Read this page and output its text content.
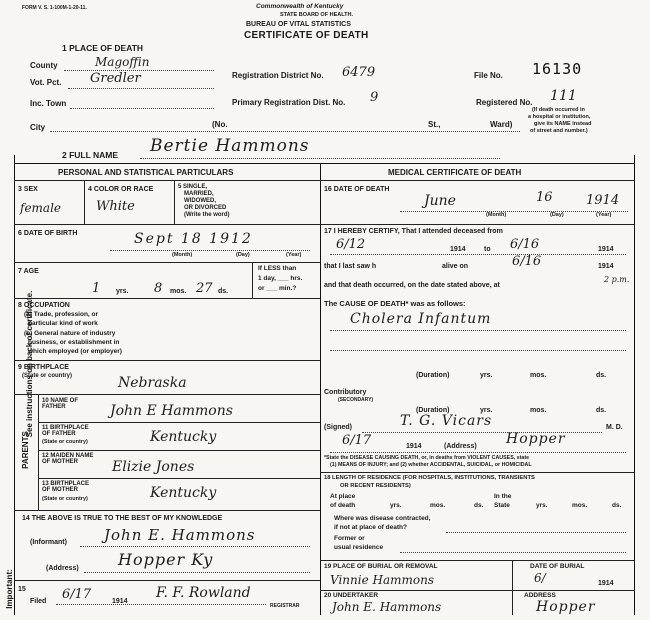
See instructions on back of certificate.
Important:
FORM V. S. 1-100M-1-20-11.	Commonwealth of Kentucky
STATE BOARD OF HEALTH.
BUREAU OF VITAL STATISTICS
CERTIFICATE OF DEATH
1 PLACE OF DEATH
County	Magoffin
Registration District No. 6479	File No. 16130
Vot. Pct. Gredler
Primary Registration Dist. No. 9	Registered No. 111
Inc. Town
City	(No.	St.,	Ward)
(If death occurred in
a hospital or institution,
give its NAME instead
of street and number.)
2 FULL NAME Bertie Hammons
PERSONAL AND STATISTICAL PARTICULARS
3 SEX
female
4 COLOR OR RACE
White
5 SINGLE,
MARRIED,
WIDOWED,
OR DIVORCED
(Write the word)
6 DATE OF BIRTH	Sept 18 1912
(Month)	(Day)	(Year)
7 AGE
1 yrs. 8 mos. 27 ds.
If LESS than
1 day, ___ hrs.
or ___ min.?
8 OCCUPATION
(a) Trade, profession, or
particular kind of work
(b) General nature of industry
business, or establishment in
which employed (or employer)
9 BIRTHPLACE
(State or country)	Nebraska
PARENTS
10 NAME OF FATHER	John E Hammons
11 BIRTHPLACE OF FATHER
(State or country)	Kentucky
12 MAIDEN NAME OF MOTHER	Elizie Jones
13 BIRTHPLACE OF MOTHER
(State or country)	Kentucky
14 THE ABOVE IS TRUE TO THE BEST OF MY KNOWLEDGE
(Informant) John E. Hammons
(Address) Hopper Ky
15
Filed 6/17	1914
F. F. Rowland
REGISTRAR
MEDICAL CERTIFICATE OF DEATH
16 DATE OF DEATH
June	16	1914
(Month)	(Day)	(Year)
17 I HEREBY CERTIFY, That I attended deceased from
6/12	1914	to 6/16	1914
that I last saw h	alive on	6/16	1914
and that death occurred, on the date stated above, at
2 p.m.
The CAUSE OF DEATH* was as follows:
Cholera Infantum
(Duration)	yrs.	mos.	ds.
Contributory
(SECONDARY)
(Duration)	yrs.	mos.	ds.
(Signed)	T. G. Vicars	M. D.
6/17	1914	(Address) Hopper
*State the DISEASE CAUSING DEATH, or, in deaths from VIOLENT CAUSES, state
(1) MEANS OF INJURY; and (2) whether ACCIDENTAL, SUICIDAL, or HOMICIDAL
18 LENGTH OF RESIDENCE (FOR HOSPITALS, INSTITUTIONS, TRANSIENTS
OR RECENT RESIDENTS)
At place
of death	yrs.	mos.	ds.
In the
State	yrs.	mos.	ds.
Where was disease contracted,
if not at place of death?
Former or
usual residence
19 PLACE OF BURIAL OR REMOVAL	DATE OF BURIAL
Vinnie Hammons	6/	1914
20 UNDERTAKER	ADDRESS
John E. Hammons	Hopper
